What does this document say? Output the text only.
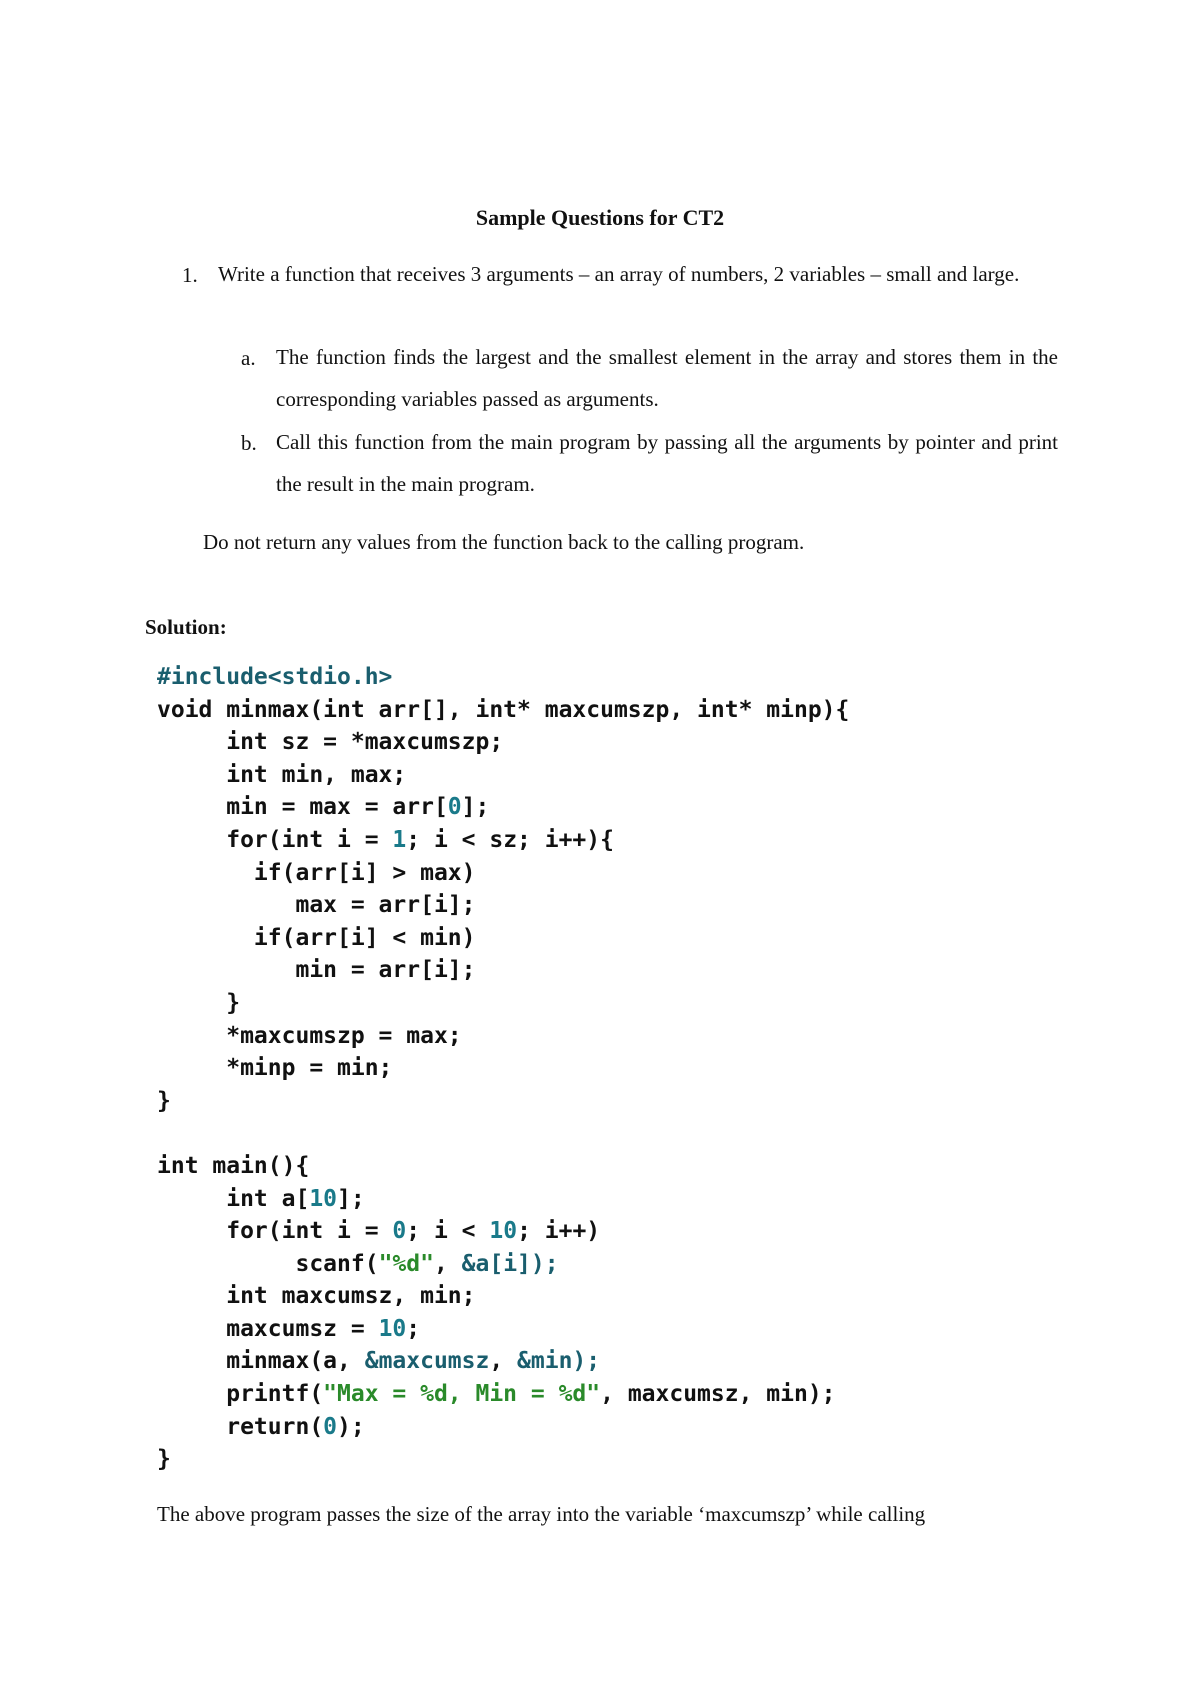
Sample Questions for CT2
1. Write a function that receives 3 arguments – an array of numbers, 2 variables – small and large.
a. The function finds the largest and the smallest element in the array and stores them in the corresponding variables passed as arguments.
b. Call this function from the main program by passing all the arguments by pointer and print the result in the main program.
Do not return any values from the function back to the calling program.
Solution:
#include<stdio.h>
void minmax(int arr[], int* maxcumszp, int* minp){
int sz = *maxcumszp;
int min, max;
min = max = arr[0];
for(int i = 1; i < sz; i++){
if(arr[i] > max)
max = arr[i];
if(arr[i] < min)
min = arr[i];
}
*maxcumszp = max;
*minp = min;
}
int main(){
int a[10];
for(int i = 0; i < 10; i++)
scanf("%d", &a[i]);
int maxcumsz, min;
maxcumsz = 10;
minmax(a, &maxcumsz, &min);
printf("Max = %d, Min = %d", maxcumsz, min);
return(0);
}
The above program passes the size of the array into the variable ‘maxcumszp’ while calling
